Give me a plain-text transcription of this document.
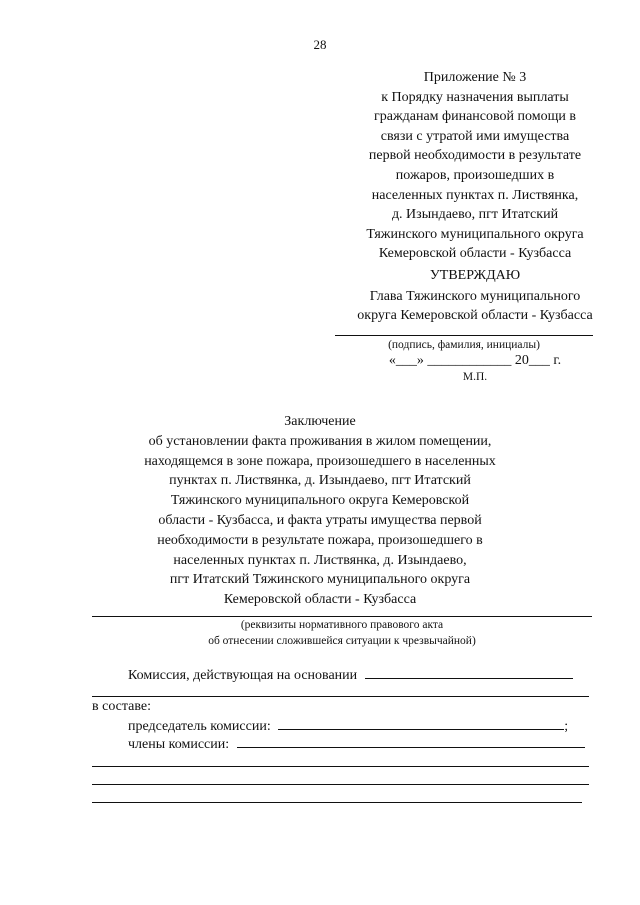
28
Приложение № 3
к Порядку назначения выплаты
гражданам финансовой помощи в
связи с утратой ими имущества
первой необходимости в результате
пожаров, произошедших в
населенных пунктах п. Листвянка,
д. Изындаево, пгт Итатский
Тяжинского муниципального округа
Кемеровской области - Кузбасса
УТВЕРЖДАЮ
Глава Тяжинского муниципального
округа Кемеровской области - Кузбасса
(подпись, фамилия, инициалы)
«___» ____________ 20___ г.
М.П.
Заключение
об установлении факта проживания в жилом помещении,
находящемся в зоне пожара, произошедшего в населенных
пунктах п. Листвянка, д. Изындаево, пгт Итатский
Тяжинского муниципального округа Кемеровской
области - Кузбасса, и факта утраты имущества первой
необходимости в результате пожара, произошедшего в
населенных пунктах п. Листвянка, д. Изындаево,
пгт Итатский Тяжинского муниципального округа
Кемеровской области - Кузбасса
(реквизиты нормативного правового акта
об отнесении сложившейся ситуации к чрезвычайной)
Комиссия, действующая на основании
в составе:
председатель комиссии:	;
члены комиссии:
